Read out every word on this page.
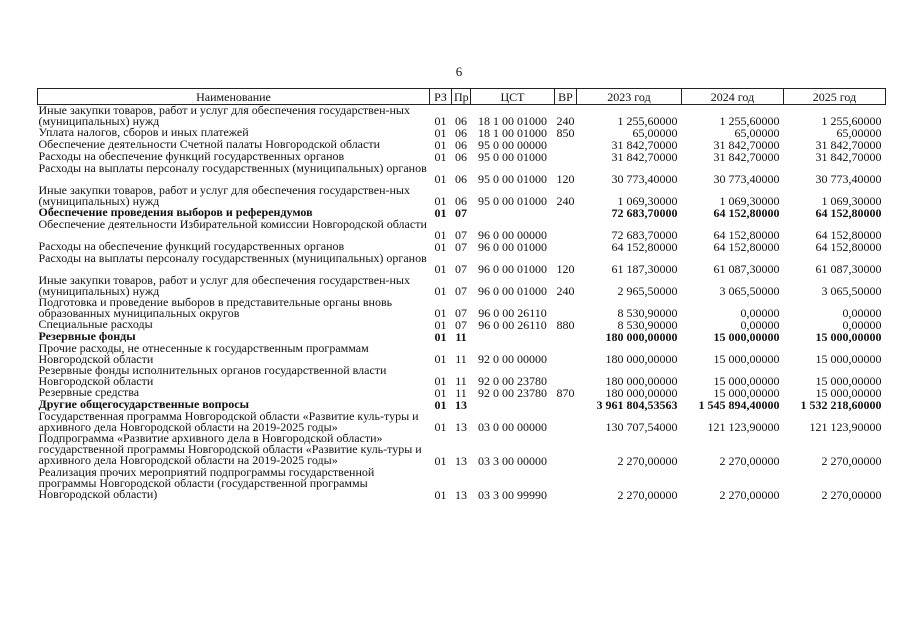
6
Наименование	РЗ	Пр	ЦСТ	ВР	2023 год	2024 год	2025 год
Иные закупки товаров, работ и услуг для обеспечения государствен-ных (муниципальных) нужд	01	06	18 1 00 01000	240	1 255,60000	1 255,60000	1 255,60000
Уплата налогов, сборов и иных платежей	01	06	18 1 00 01000	850	65,00000	65,00000	65,00000
Обеспечение деятельности Счетной палаты Новгородской области	01	06	95 0 00 00000		31 842,70000	31 842,70000	31 842,70000
Расходы на обеспечение функций государственных органов	01	06	95 0 00 01000		31 842,70000	31 842,70000	31 842,70000
Расходы на выплаты персоналу государственных (муниципальных) органов	01	06	95 0 00 01000	120	30 773,40000	30 773,40000	30 773,40000
Иные закупки товаров, работ и услуг для обеспечения государствен-ных (муниципальных) нужд	01	06	95 0 00 01000	240	1 069,30000	1 069,30000	1 069,30000
Обеспечение проведения выборов и референдумов	01	07			72 683,70000	64 152,80000	64 152,80000
Обеспечение деятельности Избирательной комиссии Новгородской области	01	07	96 0 00 00000		72 683,70000	64 152,80000	64 152,80000
Расходы на обеспечение функций государственных органов	01	07	96 0 00 01000		64 152,80000	64 152,80000	64 152,80000
Расходы на выплаты персоналу государственных (муниципальных) органов	01	07	96 0 00 01000	120	61 187,30000	61 087,30000	61 087,30000
Иные закупки товаров, работ и услуг для обеспечения государствен-ных (муниципальных) нужд	01	07	96 0 00 01000	240	2 965,50000	3 065,50000	3 065,50000
Подготовка и проведение выборов в представительные органы вновь образованных муниципальных округов	01	07	96 0 00 26110		8 530,90000	0,00000	0,00000
Специальные расходы	01	07	96 0 00 26110	880	8 530,90000	0,00000	0,00000
Резервные фонды	01	11			180 000,00000	15 000,00000	15 000,00000
Прочие расходы, не отнесенные к государственным программам Новгородской области	01	11	92 0 00 00000		180 000,00000	15 000,00000	15 000,00000
Резервные фонды исполнительных органов государственной власти Новгородской области	01	11	92 0 00 23780		180 000,00000	15 000,00000	15 000,00000
Резервные средства	01	11	92 0 00 23780	870	180 000,00000	15 000,00000	15 000,00000
Другие общегосударственные вопросы	01	13			3 961 804,53563	1 545 894,40000	1 532 218,60000
Государственная программа Новгородской области «Развитие куль-туры и архивного дела Новгородской области на 2019-2025 годы»	01	13	03 0 00 00000		130 707,54000	121 123,90000	121 123,90000
Подпрограмма «Развитие архивного дела в Новгородской области» государственной программы Новгородской области «Развитие куль-туры и архивного дела Новгородской области на 2019-2025 годы»	01	13	03 3 00 00000		2 270,00000	2 270,00000	2 270,00000
Реализация прочих мероприятий подпрограммы государственной программы Новгородской области (государственной программы Новгородской области)	01	13	03 3 00 99990		2 270,00000	2 270,00000	2 270,00000
